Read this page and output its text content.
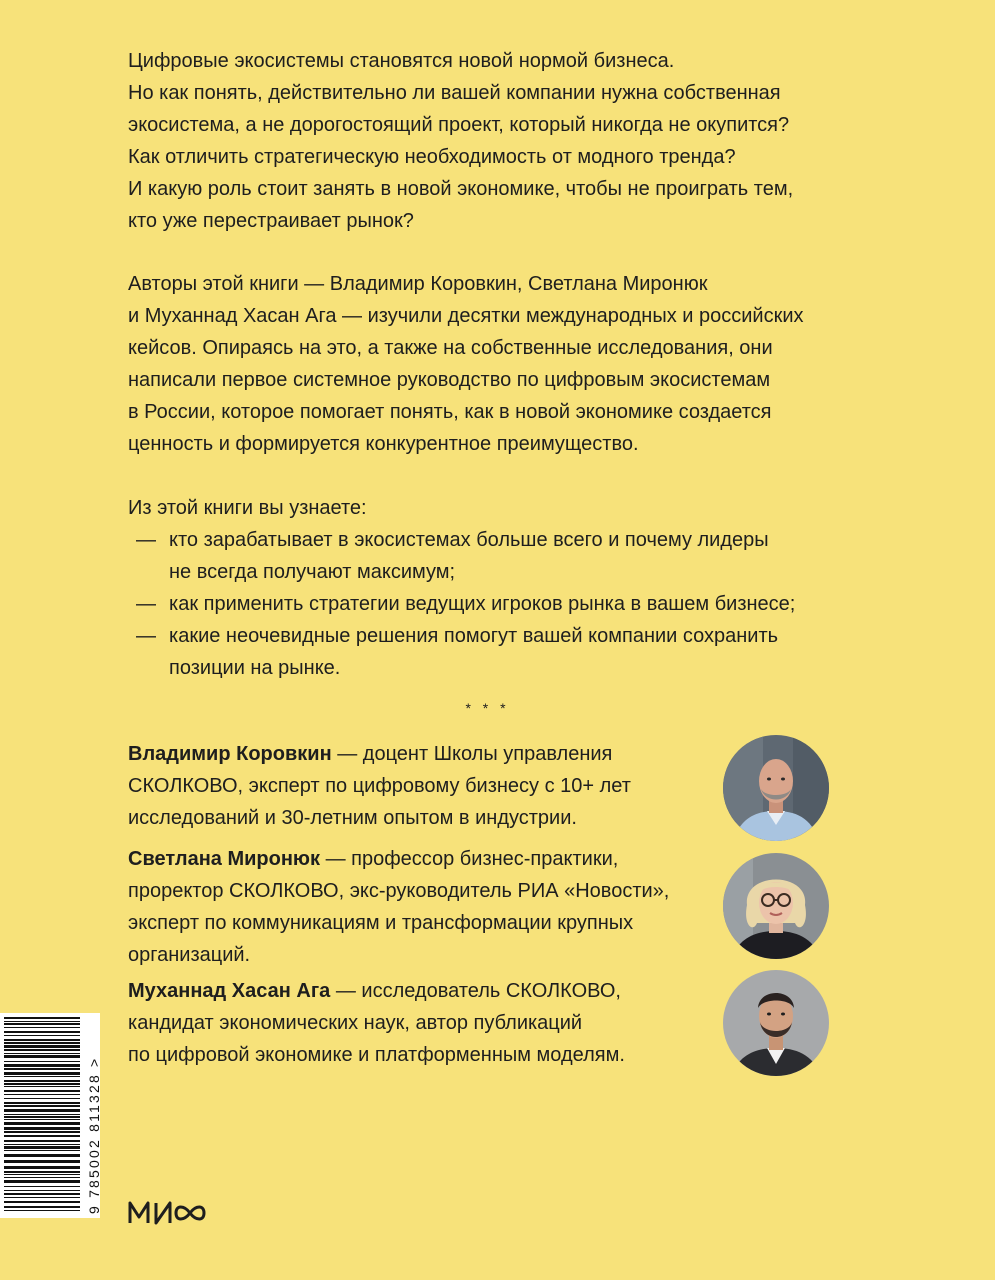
Цифровые экосистемы становятся новой нормой бизнеса.

Но как понять, действительно ли вашей компании нужна собственная

экосистема, а не дорогостоящий проект, который никогда не окупится?

Как отличить стратегическую необходимость от модного тренда?

И какую роль стоит занять в новой экономике, чтобы не проиграть тем,

кто уже перестраивает рынок?

Авторы этой книги — Владимир Коровкин, Светлана Миронюк

и Муханнад Хасан Ага — изучили десятки международных и российских

кейсов. Опираясь на это, а также на собственные исследования, они

написали первое системное руководство по цифровым экосистемам

в России, которое помогает понять, как в новой экономике создается

ценность и формируется конкурентное преимущество.

Из этой книги вы узнаете:

— кто зарабатывает в экосистемах больше всего и почему лидеры
не всегда получают максимум;
— как применить стратегии ведущих игроков рынка в вашем бизнесе;
— какие неочевидные решения помогут вашей компании сохранить
позиции на рынке.
* * *
Владимир Коровкин — доцент Школы управления
СКОЛКОВО, эксперт по цифровому бизнесу с 10+ лет
исследований и 30-летним опытом в индустрии.
Светлана Миронюк — профессор бизнес-практики,
проректор СКОЛКОВО, экс-руководитель РИА «Новости»,
эксперт по коммуникациям и трансформации крупных
организаций.
Муханнад Хасан Ага — исследователь СКОЛКОВО,
кандидат экономических наук, автор публикаций
по цифровой экономике и платформенным моделям.
9 785002 811328 >
